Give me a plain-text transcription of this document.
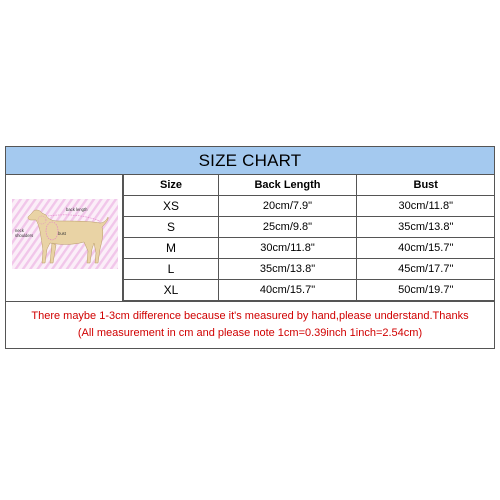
SIZE CHART
back length
neck
shoulders	bust
Size	Back Length	Bust
XS	20cm/7.9"	30cm/11.8"
S	25cm/9.8"	35cm/13.8"
M	30cm/11.8"	40cm/15.7"
L	35cm/13.8"	45cm/17.7"
XL	40cm/15.7"	50cm/19.7"
There maybe 1-3cm difference because it's measured by hand,please understand.Thanks
(All measurement in cm and please note 1cm=0.39inch 1inch=2.54cm)
